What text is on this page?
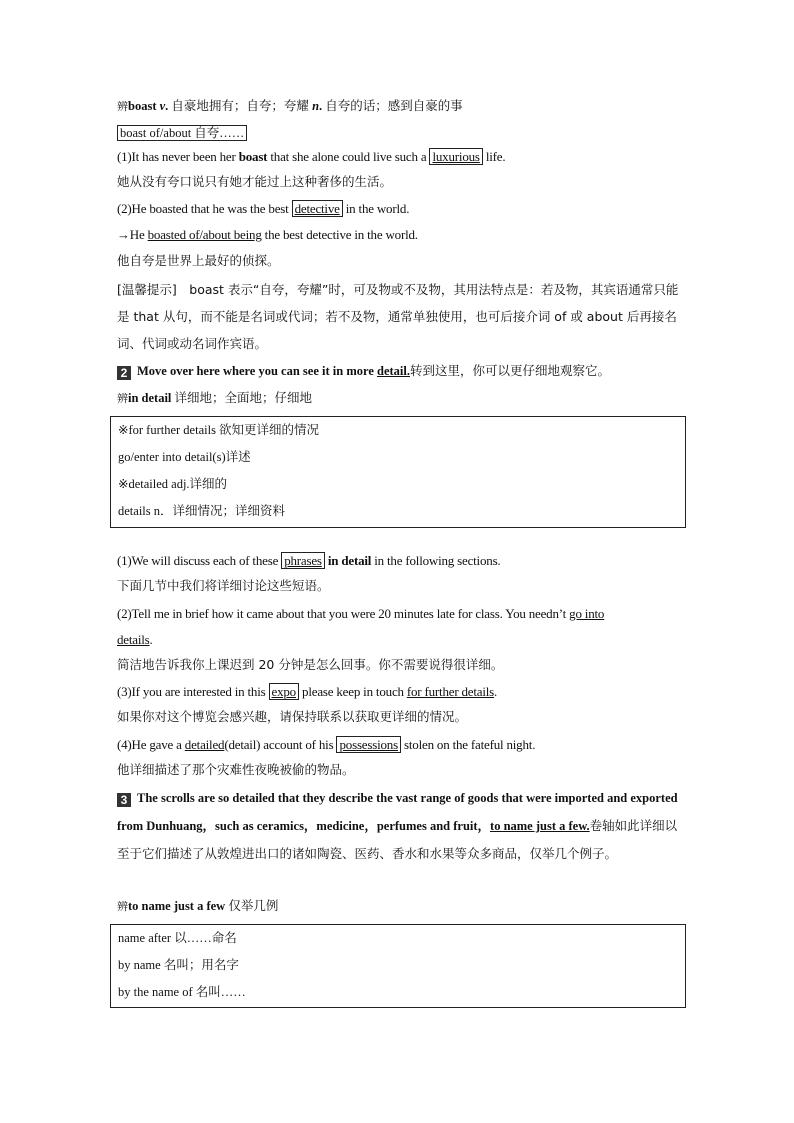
辨boast v. 自豪地拥有；自夸；夸耀 n. 自夸的话；感到自豪的事
boast of/about 自夸……
(1)It has never been her boast that she alone could live such a luxurious life.
她从没有夸口说只有她才能过上这种奢侈的生活。
(2)He boasted that he was the best detective in the world.
→He boasted of/about being the best detective in the world.
他自夸是世界上最好的侦探。
[温馨提示]　boast 表示“自夸，夸耀”时，可及物或不及物，其用法特点是：若及物，其宾语通常只能是 that 从句，而不能是名词或代词；若不及物，通常单独使用，也可后接介词 of 或 about 后再接名词、代词或动名词作宾语。
2 Move over here where you can see it in more detail.转到这里，你可以更仔细地观察它。
辨in detail 详细地；全面地；仔细地
※for further details 欲知更详细的情况
go/enter into detail(s)详述
※detailed adj.详细的
details n．详细情况；详细资料
(1)We will discuss each of these phrases in detail in the following sections.
下面几节中我们将详细讨论这些短语。
(2)Tell me in brief how it came about that you were 20 minutes late for class. You needn’t go into
details.
简洁地告诉我你上课迟到 20 分钟是怎么回事。你不需要说得很详细。
(3)If you are interested in this expo please keep in touch for further details.
如果你对这个博览会感兴趣，请保持联系以获取更详细的情况。
(4)He gave a detailed(detail) account of his possessions stolen on the fateful night.
他详细描述了那个灾难性夜晚被偷的物品。
3 The scrolls are so detailed that they describe the vast range of goods that were imported and exported from Dunhuang，such as ceramics，medicine，perfumes and fruit，to name just a few.卷轴如此详细以至于它们描述了从敦煌进出口的诸如陶瓷、医药、香水和水果等众多商品，仅举几个例子。
辨to name just a few 仅举几例
name after 以……命名
by name 名叫；用名字
by the name of 名叫……
